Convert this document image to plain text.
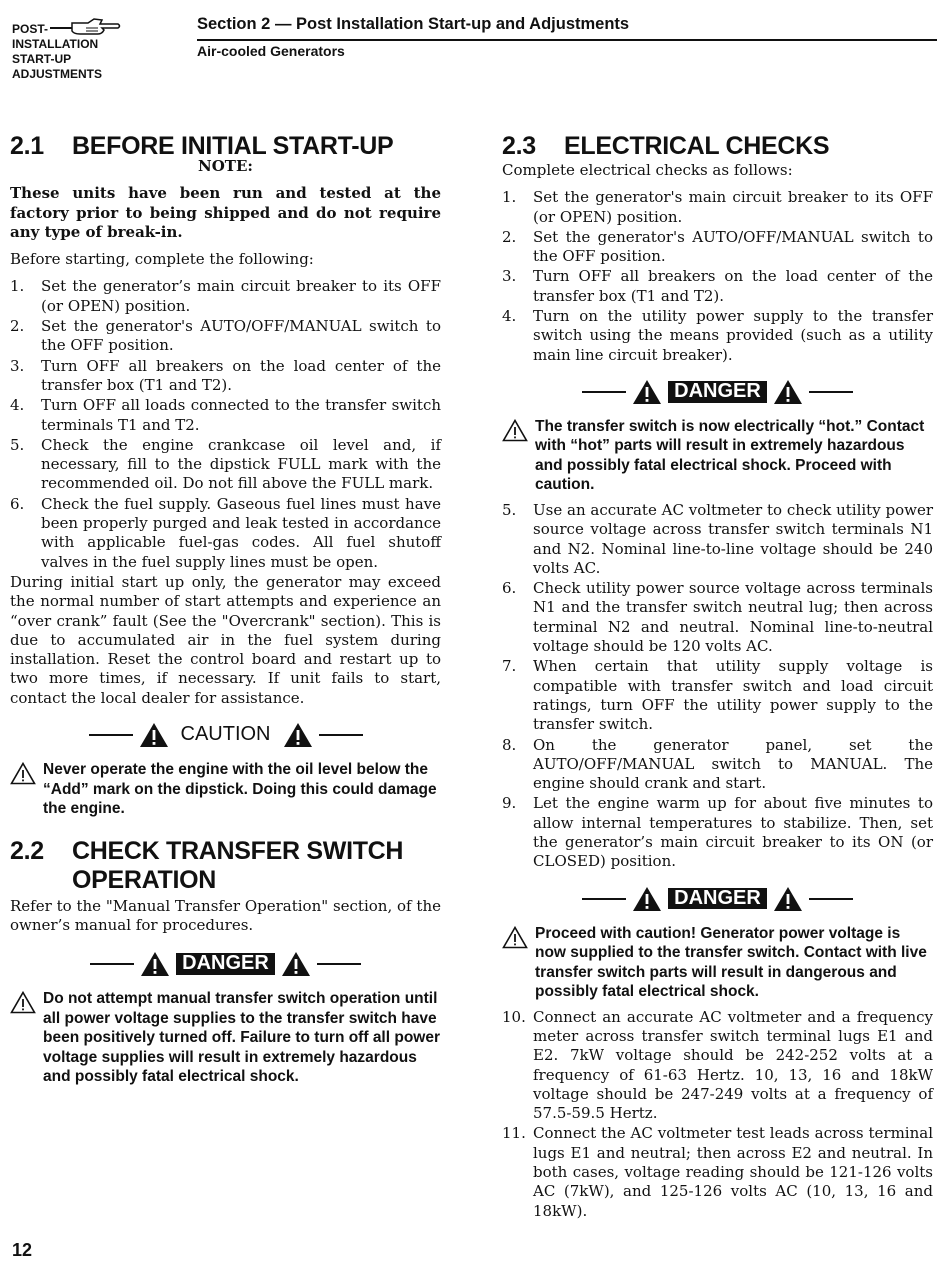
POST-
INSTALLATION
START-UP
ADJUSTMENTS
Section 2 — Post Installation Start-up and Adjustments
Air-cooled Generators
2.1	BEFORE INITIAL START-UP
NOTE:

These units have been run and tested at the factory prior to being shipped and do not require any type of break-in.

Before starting, complete the following:

1.	Set the generator’s main circuit breaker to its OFF (or OPEN) position.
2.	Set the generator's AUTO/OFF/MANUAL switch to the OFF position.
3.	Turn OFF all breakers on the load center of the transfer box (T1 and T2).
4.	Turn OFF all loads connected to the transfer switch terminals T1 and T2.
5.	Check the engine crankcase oil level and, if necessary, fill to the dipstick FULL mark with the recommended oil. Do not fill above the FULL mark.
6.	Check the fuel supply. Gaseous fuel lines must have been properly purged and leak tested in accordance with applicable fuel-gas codes. All fuel shutoff valves in the fuel supply lines must be open.

During initial start up only, the generator may exceed the normal number of start attempts and experience an “over crank” fault (See the "Overcrank" section). This is due to accumulated air in the fuel system during installation. Reset the control board and restart up to two more times, if necessary. If unit fails to start, contact the local dealer for assistance.

CAUTION
Never operate the engine with the oil level below the “Add” mark on the dipstick. Doing this could damage the engine.
2.2	CHECK TRANSFER SWITCH
OPERATION

Refer to the "Manual Transfer Operation" section, of the owner’s manual for procedures.

DANGER
Do not attempt manual transfer switch operation until all power voltage supplies to the transfer switch have been positively turned off. Failure to turn off all power voltage supplies will result in extremely hazardous and possibly fatal electrical shock.
2.3	ELECTRICAL CHECKS

Complete electrical checks as follows:

1.	Set the generator's main circuit breaker to its OFF (or OPEN) position.
2.	Set the generator's AUTO/OFF/MANUAL switch to the OFF position.
3.	Turn OFF all breakers on the load center of the transfer box (T1 and T2).
4.	Turn on the utility power supply to the transfer switch using the means provided (such as a utility main line circuit breaker).
DANGER
The transfer switch is now electrically “hot.” Contact with “hot” parts will result in extremely hazardous and possibly fatal electrical shock. Proceed with caution.
5.	Use an accurate AC voltmeter to check utility power source voltage across transfer switch terminals N1 and N2. Nominal line-to-line voltage should be 240 volts AC.
6.	Check utility power source voltage across terminals N1 and the transfer switch neutral lug; then across terminal N2 and neutral. Nominal line-to-neutral voltage should be 120 volts AC.
7.	When certain that utility supply voltage is compatible with transfer switch and load circuit ratings, turn OFF the utility power supply to the transfer switch.
8.	On the generator panel, set the AUTO/OFF/MANUAL switch to MANUAL. The engine should crank and start.
9.	Let the engine warm up for about five minutes to allow internal temperatures to stabilize. Then, set the generator’s main circuit breaker to its ON (or CLOSED) position.
DANGER
Proceed with caution! Generator power voltage is now supplied to the transfer switch. Contact with live transfer switch parts will result in dangerous and possibly fatal electrical shock.
10. Connect an accurate AC voltmeter and a frequency meter across transfer switch terminal lugs E1 and E2. 7kW voltage should be 242-252 volts at a frequency of 61-63 Hertz. 10, 13, 16 and 18kW voltage should be 247-249 volts at a frequency of 57.5-59.5 Hertz.
11. Connect the AC voltmeter test leads across terminal lugs E1 and neutral; then across E2 and neutral. In both cases, voltage reading should be 121-126 volts AC (7kW), and 125-126 volts AC (10, 13, 16 and 18kW).
12
